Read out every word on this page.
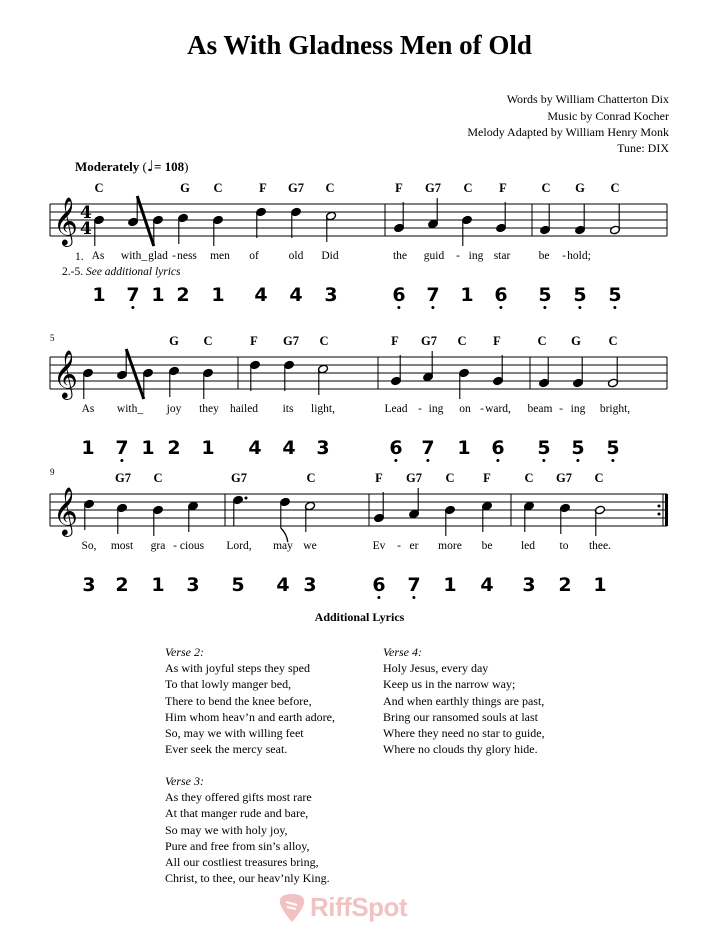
As With Gladness Men of Old
Words by William Chatterton Dix
Music by Conrad Kocher
Melody Adapted by William Henry Monk
Tune: DIX
Moderately (♩= 108)
5
9
𝄞 4
4
𝄞
𝄞
C	G C	F G7 C	F G7 C F	C G C
As with_ glad - ness men of	old Did	the guid - ing star be - hold;
1 7 1 2 1 4 4 3	6 7 1 6 5 5 5
G C	F G7 C	F G7 C F	C G C
As with_ joy they hailed its light,	Lead - ing on - ward, beam - ing bright,
1 7 1 2 1 4 4 3	6 7 1 6 5 5 5
G7 C	G7	C	F G7 C F	C G7 C
So, most gra - cious Lord, may we	Ev - er more be led to thee.
3 2 1 3 5 4 3	6 7 1 4 3 2 1
1.
2.-5. See additional lyrics
Additional Lyrics
Verse 2:
As with joyful steps they sped
To that lowly manger bed,
There to bend the knee before,
Him whom heav’n and earth adore,
So, may we with willing feet
Ever seek the mercy seat.
Verse 3:
As they offered gifts most rare
At that manger rude and bare,
So may we with holy joy,
Pure and free from sin’s alloy,
All our costliest treasures bring,
Christ, to thee, our heav’nly King.
Verse 4:
Holy Jesus, every day
Keep us in the narrow way;
And when earthly things are past,
Bring our ransomed souls at last
Where they need no star to guide,
Where no clouds thy glory hide.
RiffSpot
